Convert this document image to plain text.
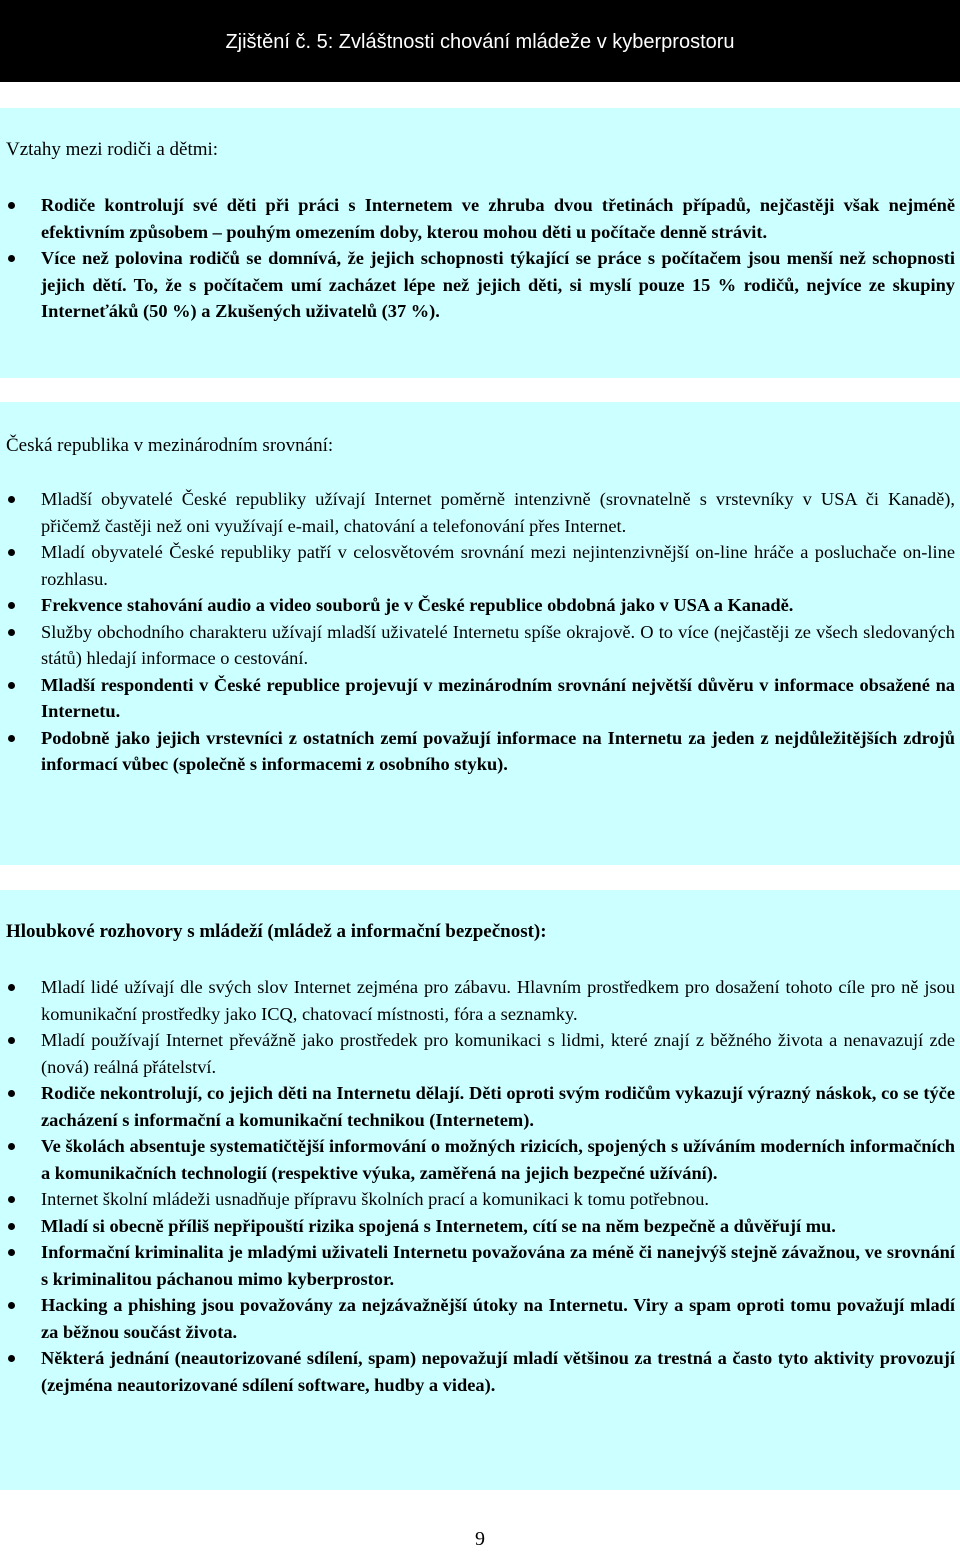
Zjištění č. 5: Zvláštnosti chování mládeže v kyberprostoru
Vztahy mezi rodiči a dětmi:
Rodiče kontrolují své děti při práci s Internetem ve zhruba dvou třetinách případů, nejčastěji však nejméně efektivním způsobem – pouhým omezením doby, kterou mohou děti u počítače denně strávit.
Více než polovina rodičů se domnívá, že jejich schopnosti týkající se práce s počítačem jsou menší než schopnosti jejich dětí. To, že s počítačem umí zacházet lépe než jejich děti, si myslí pouze 15 % rodičů, nejvíce ze skupiny Interneťáků (50 %) a Zkušených uživatelů (37 %).
Česká republika v mezinárodním srovnání:
Mladší obyvatelé České republiky užívají Internet poměrně intenzivně (srovnatelně s vrstevníky v USA či Kanadě), přičemž častěji než oni využívají e-mail, chatování a telefonování přes Internet.
Mladí obyvatelé České republiky patří v celosvětovém srovnání mezi nejintenzivnější on-line hráče a posluchače on-line rozhlasu.
Frekvence stahování audio a video souborů je v České republice obdobná jako v USA a Kanadě.
Služby obchodního charakteru užívají mladší uživatelé Internetu spíše okrajově. O to více (nejčastěji ze všech sledovaných států) hledají informace o cestování.
Mladší respondenti v České republice projevují v mezinárodním srovnání největší důvěru v informace obsažené na Internetu.
Podobně jako jejich vrstevníci z ostatních zemí považují informace na Internetu za jeden z nejdůležitějších zdrojů informací vůbec (společně s informacemi z osobního styku).
Hloubkové rozhovory s mládeží (mládež a informační bezpečnost):
Mladí lidé užívají dle svých slov Internet zejména pro zábavu. Hlavním prostředkem pro dosažení tohoto cíle pro ně jsou komunikační prostředky jako ICQ, chatovací místnosti, fóra a seznamky.
Mladí používají Internet převážně jako prostředek pro komunikaci s lidmi, které znají z běžného života a nenavazují zde (nová) reálná přátelství.
Rodiče nekontrolují, co jejich děti na Internetu dělají. Děti oproti svým rodičům vykazují výrazný náskok, co se týče zacházení s informační a komunikační technikou (Internetem).
Ve školách absentuje systematičtější informování o možných rizicích, spojených s užíváním moderních informačních a komunikačních technologií (respektive výuka, zaměřená na jejich bezpečné užívání).
Internet školní mládeži usnadňuje přípravu školních prací a komunikaci k tomu potřebnou.
Mladí si obecně příliš nepřipouští rizika spojená s Internetem, cítí se na něm bezpečně a důvěřují mu.
Informační kriminalita je mladými uživateli Internetu považována za méně či nanejvýš stejně závažnou, ve srovnání s kriminalitou páchanou mimo kyberprostor.
Hacking a phishing jsou považovány za nejzávažnější útoky na Internetu. Viry a spam oproti tomu považují mladí za běžnou součást života.
Některá jednání (neautorizované sdílení, spam) nepovažují mladí většinou za trestná a často tyto aktivity provozují (zejména neautorizované sdílení software, hudby a videa).
9
